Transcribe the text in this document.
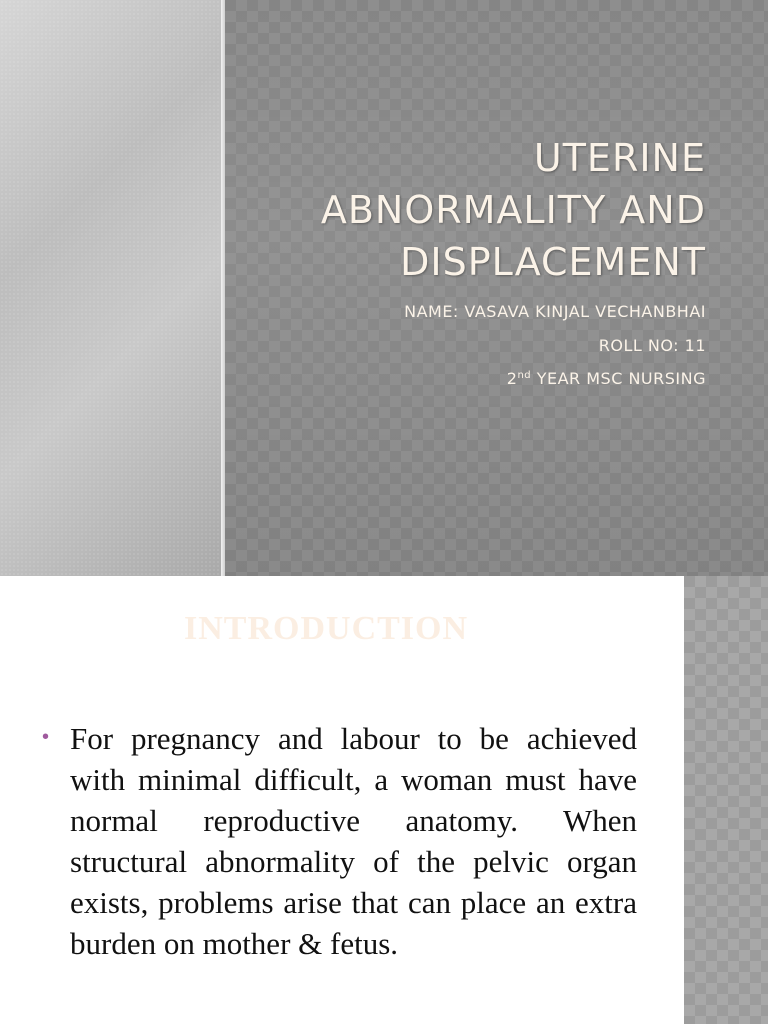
UTERINE ABNORMALITY AND DISPLACEMENT
NAME: VASAVA KINJAL VECHANBHAI
ROLL NO: 11
2nd YEAR MSC NURSING
INTRODUCTION
• For pregnancy and labour to be achieved with minimal difficult, a woman must have normal reproductive anatomy. When structural abnormality of the pelvic organ exists, problems arise that can place an extra burden on mother & fetus.
